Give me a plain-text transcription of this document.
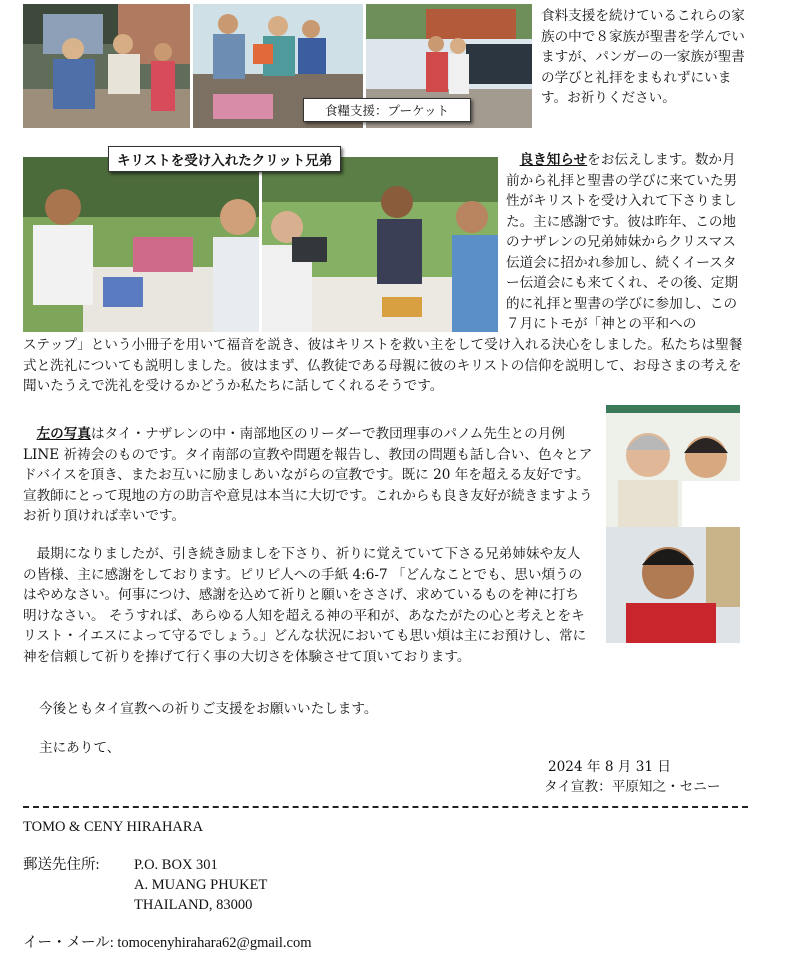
食糧支援：プーケット
食料支援を続けているこれらの家族の中で８家族が聖書を学んでいますが、パンガーの一家族が聖書の学びと礼拝をまもれずにいます。お祈りください。
キリストを受け入れたクリット兄弟	良き知らせをお伝えします。数か月前から礼拝と聖書の学びに来ていた男性がキリストを受け入れて下さりました。主に感謝です。彼は昨年、この地のナザレンの兄弟姉妹からクリスマス伝道会に招かれ参加し、続くイースター伝道会にも来てくれ、その後、定期的に礼拝と聖書の学びに参加し、この７月にトモが「神との平和への
ステップ」という小冊子を用いて福音を説き、彼はキリストを救い主をして受け入れる決心をしました。私たちは聖餐式と洗礼についても説明しました。彼はまず、仏教徒である母親に彼のキリストの信仰を説明して、お母さまの考えを聞いたうえで洗礼を受けるかどうか私たちに話してくれるそうです。
左の写真はタイ・ナザレンの中・南部地区のリーダーで教団理事のパノム先生との月例 LINE 祈祷会のものです。タイ南部の宣教や問題を報告し、教団の問題も話し合い、色々とアドバイスを頂き、またお互いに励ましあいながらの宣教です。既に 20 年を超える友好です。宣教師にとって現地の方の助言や意見は本当に大切です。これからも良き友好が続きますようお祈り頂ければ幸いです。
最期になりましたが、引き続き励ましを下さり、祈りに覚えていて下さる兄弟姉妹や友人の皆様、主に感謝をしております。ピリピ人への手紙 4:6-7 「どんなことでも、思い煩うのはやめなさい。何事につけ、感謝を込めて祈りと願いをささげ、求めているものを神に打ち明けなさい。 そうすれば、あらゆる人知を超える神の平和が、あなたがたの心と考えとをキリスト・イエスによって守るでしょう。」どんな状況においても思い煩は主にお預けし、常に神を信頼して祈りを捧げて行く事の大切さを体験させて頂いております。
今後ともタイ宣教への祈りご支援をお願いいたします。
主にありて、
2024 年 8 月 31 日
タイ宣教：平原知之・セニー
TOMO & CENY HIRAHARA
郵送先住所: P.O. BOX 301
A. MUANG PHUKET
THAILAND, 83000
イー・メール: tomocenyhirahara62@gmail.com
